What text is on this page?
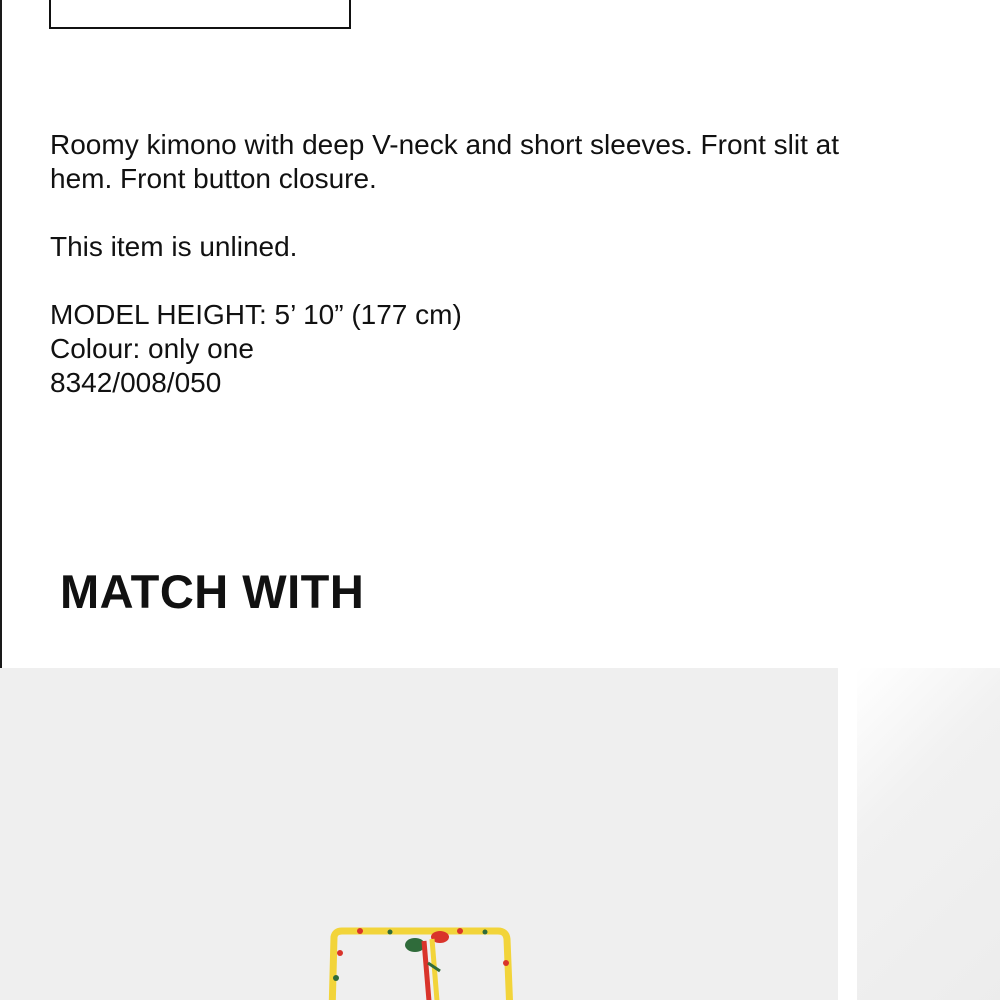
Roomy kimono with deep V-neck and short sleeves. Front slit at

hem. Front button closure.

This item is unlined.

MODEL HEIGHT: 5’ 10” (177 cm)

Colour: only one

8342/008/050

MATCH WITH
